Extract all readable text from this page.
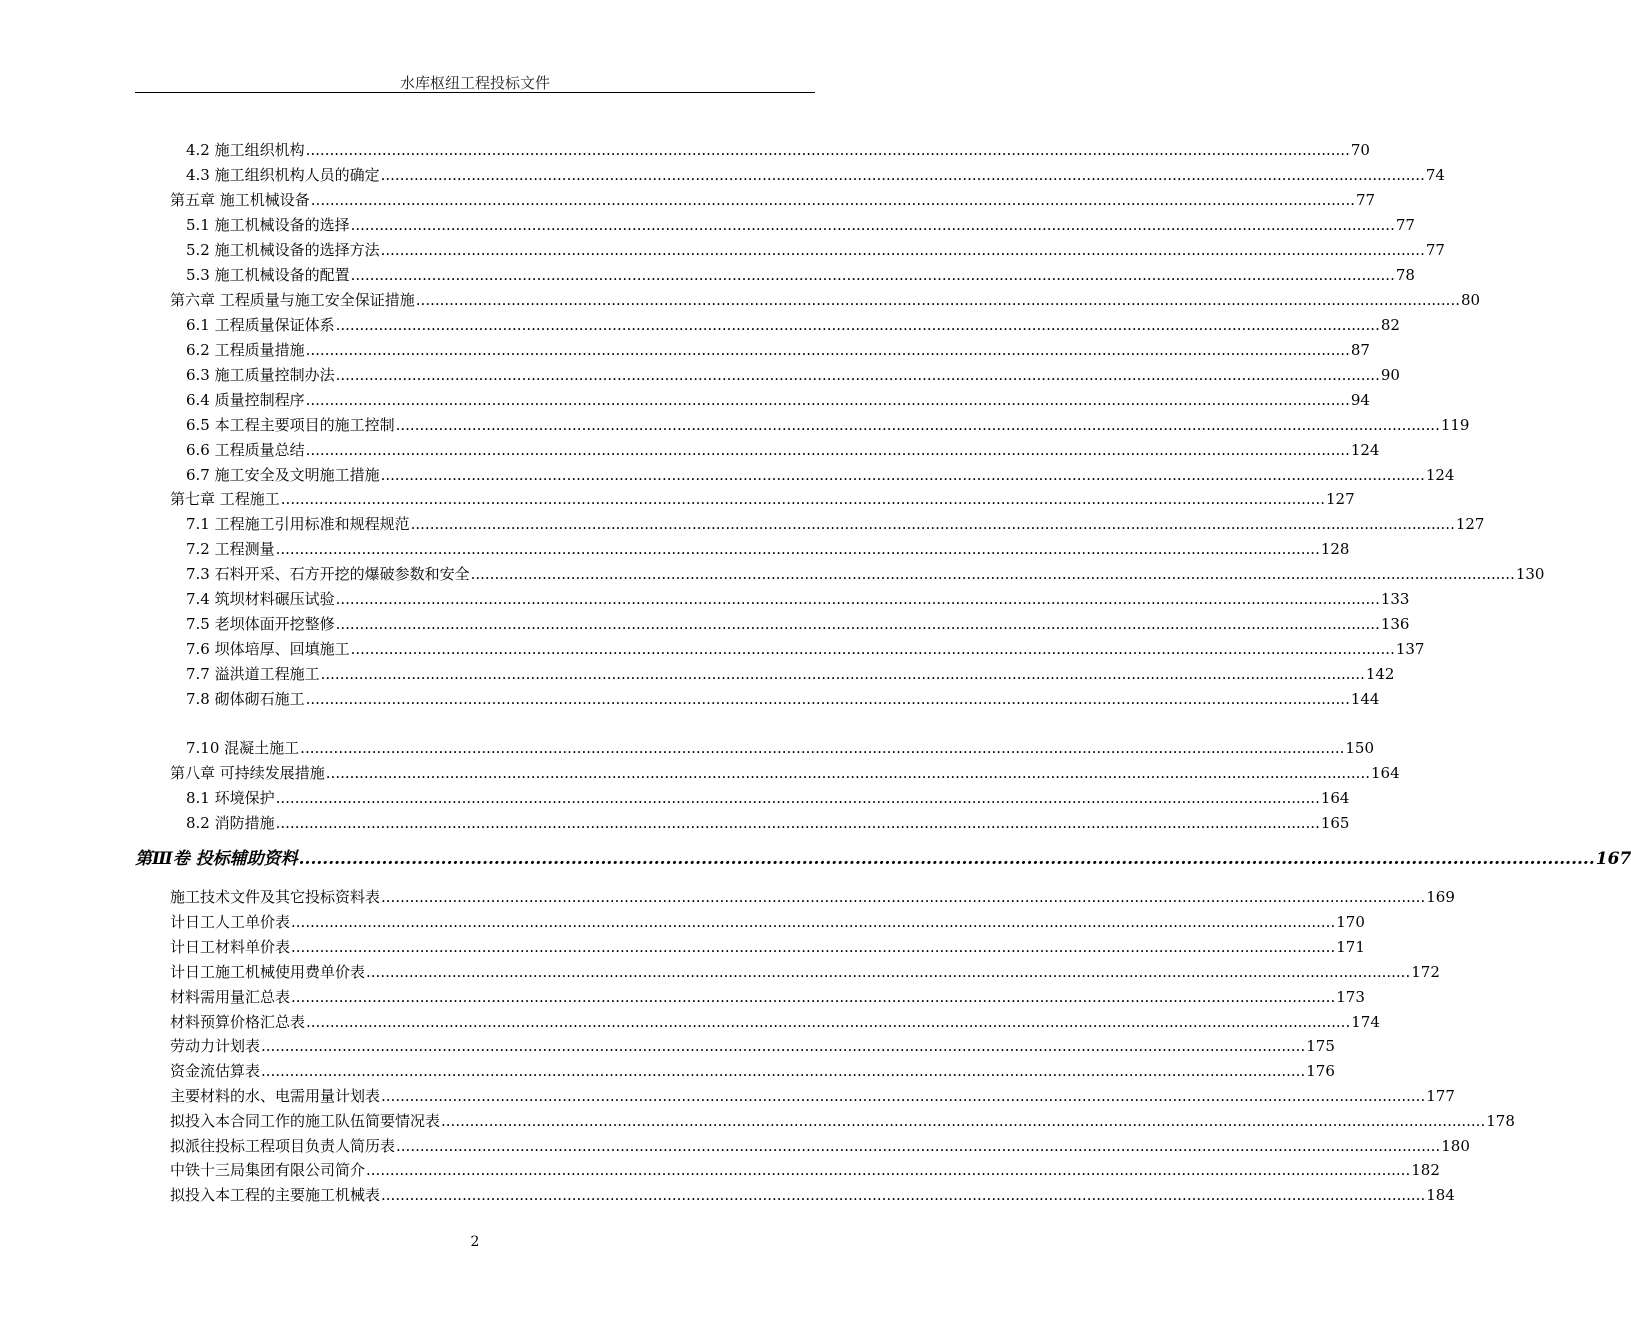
水库枢纽工程投标文件
4.2 施工组织机构 ........................................................................................................................................................................................................................... 70
4.3 施工组织机构人员的确定 ........................................................................................................................................................................................................................... 74
第五章 施工机械设备 ........................................................................................................................................................................................................................... 77
5.1 施工机械设备的选择 ........................................................................................................................................................................................................................... 77
5.2 施工机械设备的选择方法 ........................................................................................................................................................................................................................... 77
5.3 施工机械设备的配置 ........................................................................................................................................................................................................................... 78
第六章 工程质量与施工安全保证措施 ........................................................................................................................................................................................................................... 80
6.1 工程质量保证体系 ........................................................................................................................................................................................................................... 82
6.2 工程质量措施 ........................................................................................................................................................................................................................... 87
6.3 施工质量控制办法 ........................................................................................................................................................................................................................... 90
6.4 质量控制程序 ........................................................................................................................................................................................................................... 94
6.5 本工程主要项目的施工控制 ........................................................................................................................................................................................................................... 119
6.6 工程质量总结 ........................................................................................................................................................................................................................... 124
6.7 施工安全及文明施工措施 ........................................................................................................................................................................................................................... 124
第七章 工程施工 ........................................................................................................................................................................................................................... 127
7.1 工程施工引用标准和规程规范 ........................................................................................................................................................................................................................... 127
7.2 工程测量 ........................................................................................................................................................................................................................... 128
7.3 石料开采、石方开挖的爆破参数和安全 ........................................................................................................................................................................................................................... 130
7.4 筑坝材料碾压试验 ........................................................................................................................................................................................................................... 133
7.5 老坝体面开挖整修 ........................................................................................................................................................................................................................... 136
7.6 坝体培厚、回填施工 ........................................................................................................................................................................................................................... 137
7.7 溢洪道工程施工 ........................................................................................................................................................................................................................... 142
7.8 砌体砌石施工 ........................................................................................................................................................................................................................... 144
7.10 混凝土施工 ........................................................................................................................................................................................................................... 150
第八章 可持续发展措施 ........................................................................................................................................................................................................................... 164
8.1 环境保护 ........................................................................................................................................................................................................................... 164
8.2 消防措施 ........................................................................................................................................................................................................................... 165
第Ⅲ卷 投标辅助资料 ........................................................................................................................................................................................................................... 167
施工技术文件及其它投标资料表 ........................................................................................................................................................................................................................... 169
计日工人工单价表 ........................................................................................................................................................................................................................... 170
计日工材料单价表 ........................................................................................................................................................................................................................... 171
计日工施工机械使用费单价表 ........................................................................................................................................................................................................................... 172
材料需用量汇总表 ........................................................................................................................................................................................................................... 173
材料预算价格汇总表 ........................................................................................................................................................................................................................... 174
劳动力计划表 ........................................................................................................................................................................................................................... 175
资金流估算表 ........................................................................................................................................................................................................................... 176
主要材料的水、电需用量计划表 ........................................................................................................................................................................................................................... 177
拟投入本合同工作的施工队伍简要情况表 ........................................................................................................................................................................................................................... 178
拟派往投标工程项目负责人简历表 ........................................................................................................................................................................................................................... 180
中铁十三局集团有限公司简介 ........................................................................................................................................................................................................................... 182
拟投入本工程的主要施工机械表 ........................................................................................................................................................................................................................... 184
2
